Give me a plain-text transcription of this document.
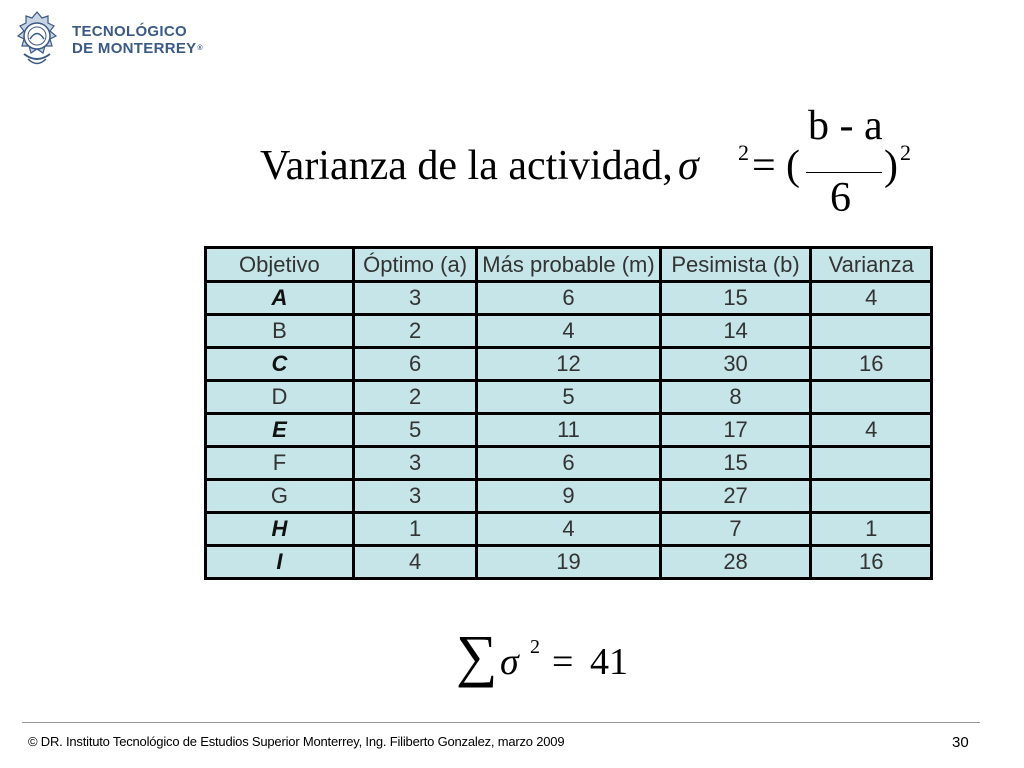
TECNOLÓGICO
DE MONTERREY ®
Varianza de la actividad, σ 2 = (
b - a
6
) 2
Objetivo	Óptimo (a)	Más probable (m)	Pesimista (b)	Varianza
A	3	6	15	4
B	2	4	14	
C	6	12	30	16
D	2	5	8	
E	5	11	17	4
F	3	6	15	
G	3	9	27	
H	1	4	7	1
I	4	19	28	16
∑ σ 2 = 41
© DR. Instituto Tecnológico de Estudios Superior Monterrey, Ing. Filiberto Gonzalez, marzo 2009	30
